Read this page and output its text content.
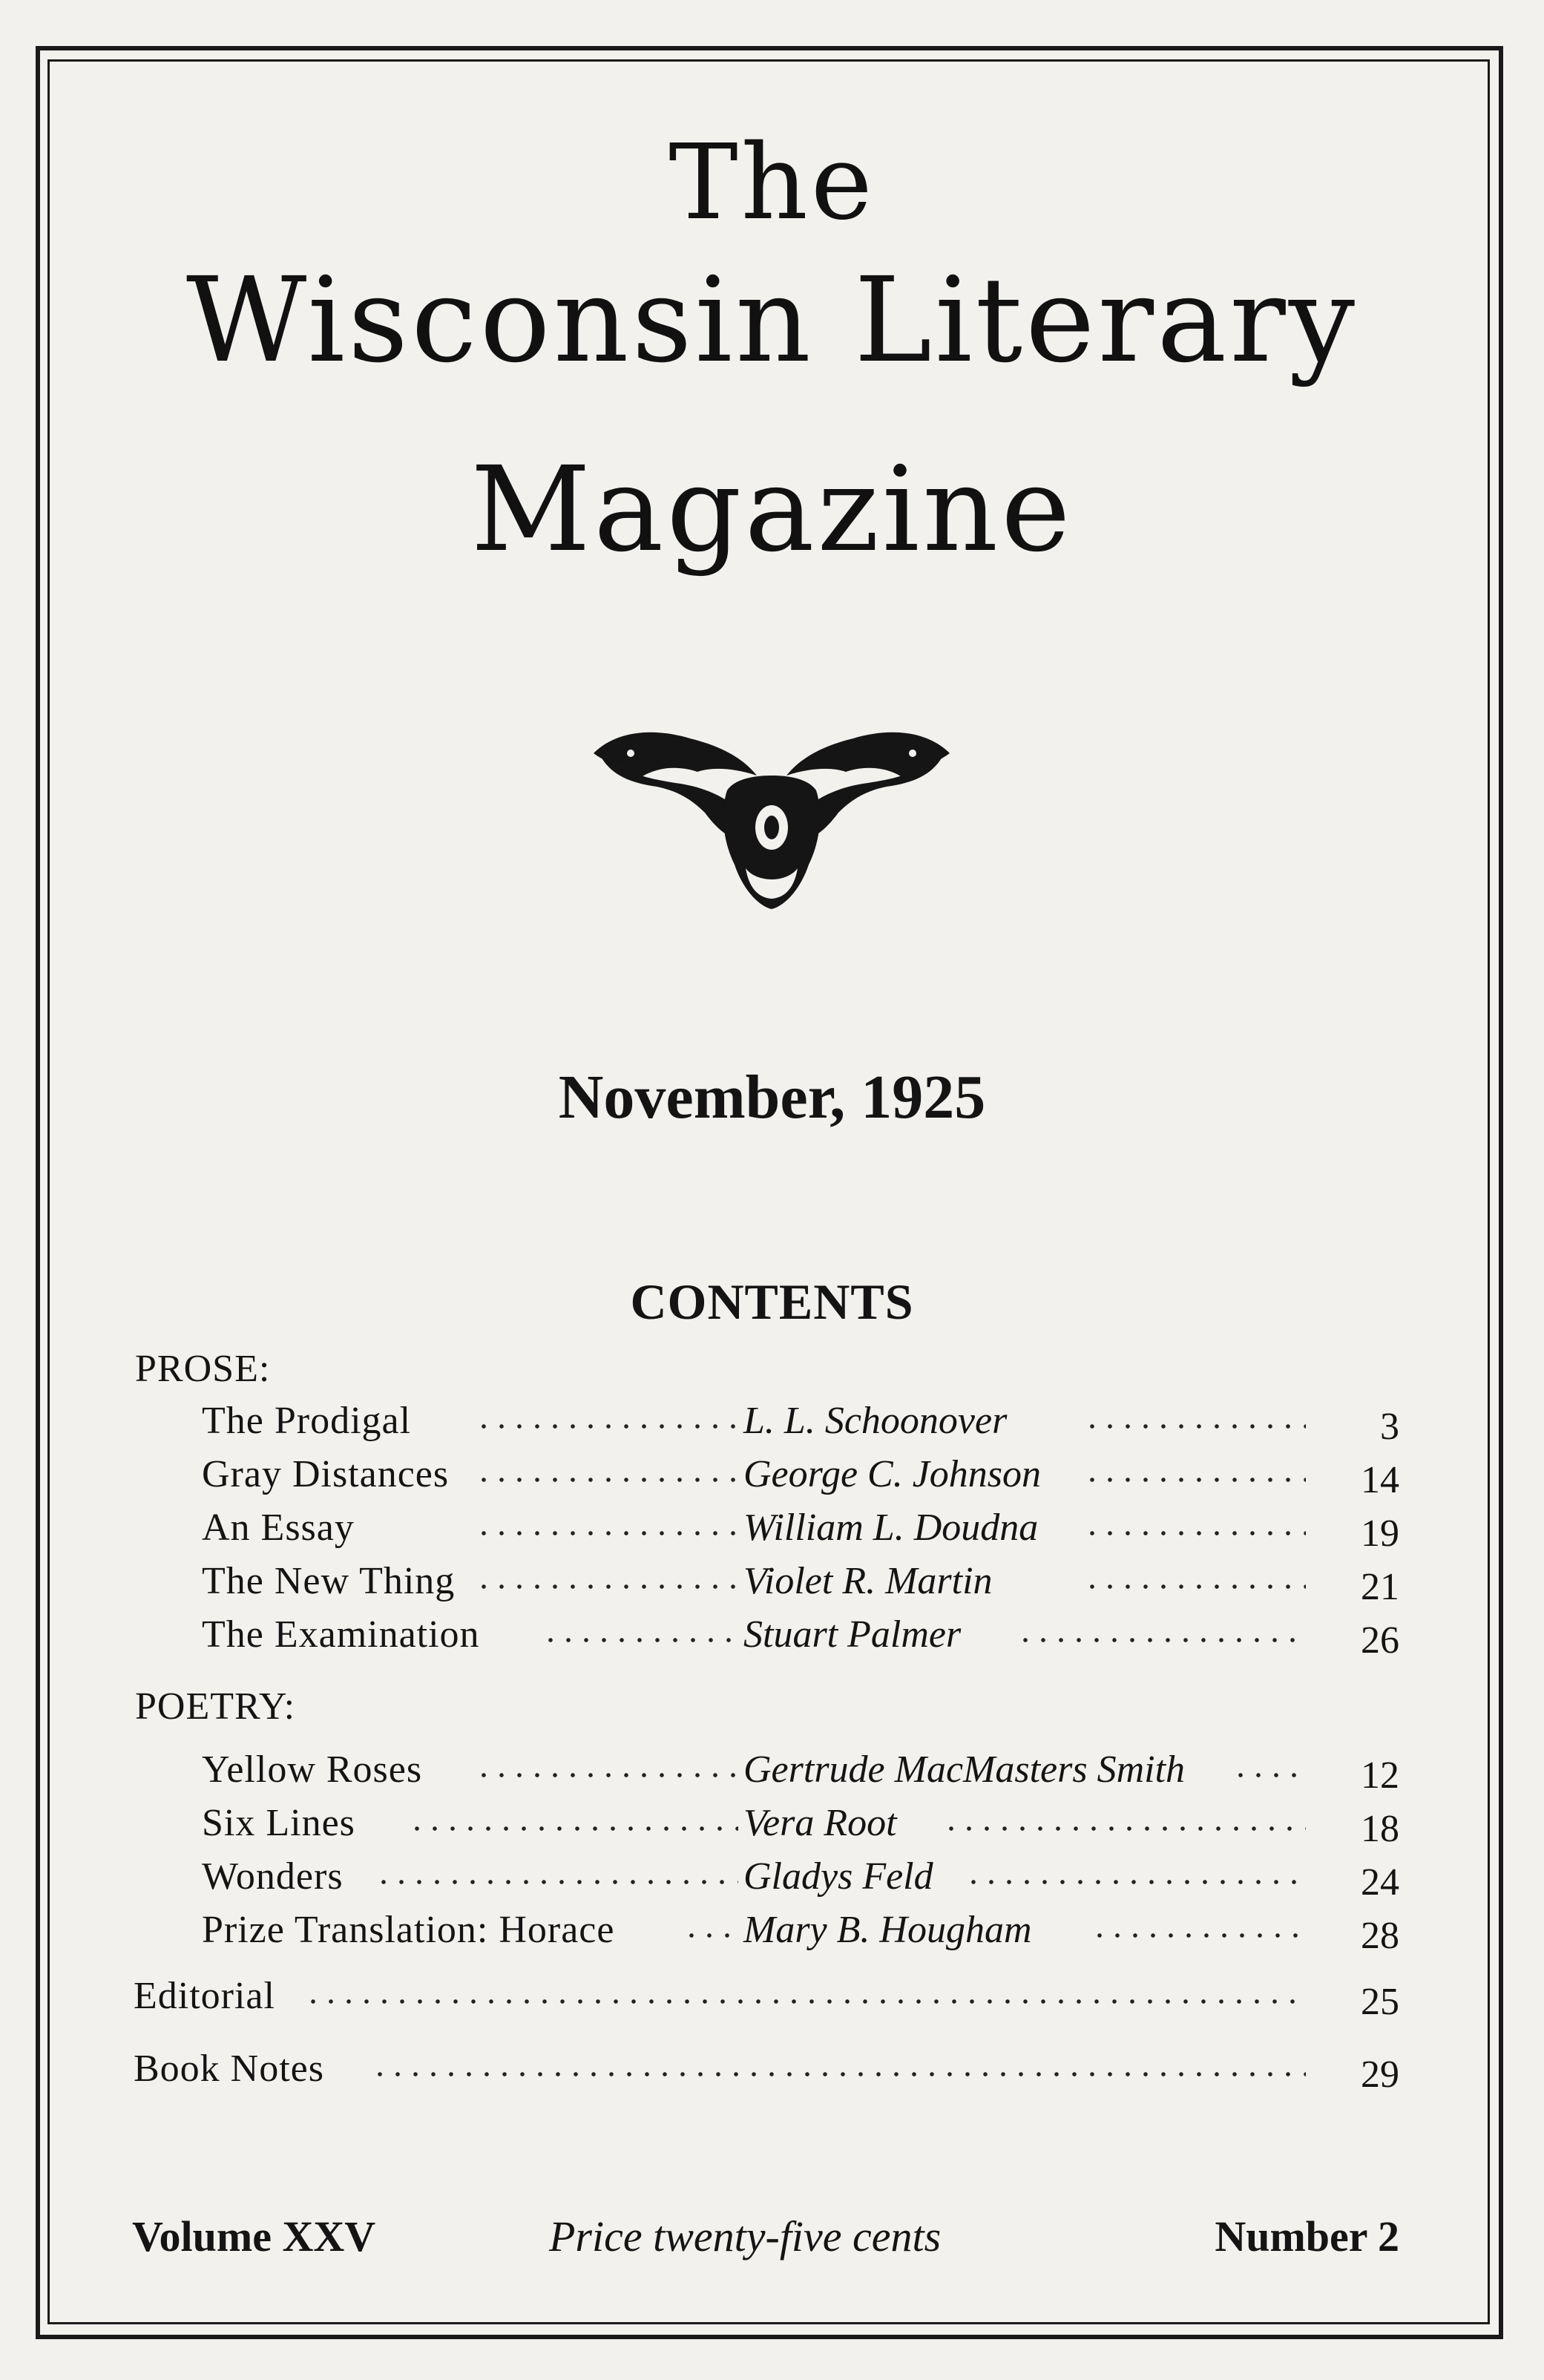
The
Wisconsin Literary
Magazine
November, 1925
CONTENTS
PROSE:
The Prodigal	L. L. Schoonover	3
Gray Distances	George C. Johnson	14
An Essay	William L. Doudna	19
The New Thing	Violet R. Martin	21
The Examination	Stuart Palmer	26
POETRY:
Yellow Roses	Gertrude MacMasters Smith	12
Six Lines	Vera Root	18
Wonders	Gladys Feld	24
Prize Translation: Horace	Mary B. Hougham	28
Editorial	25
Book Notes	29
Volume XXV	Price twenty-five cents	Number 2
